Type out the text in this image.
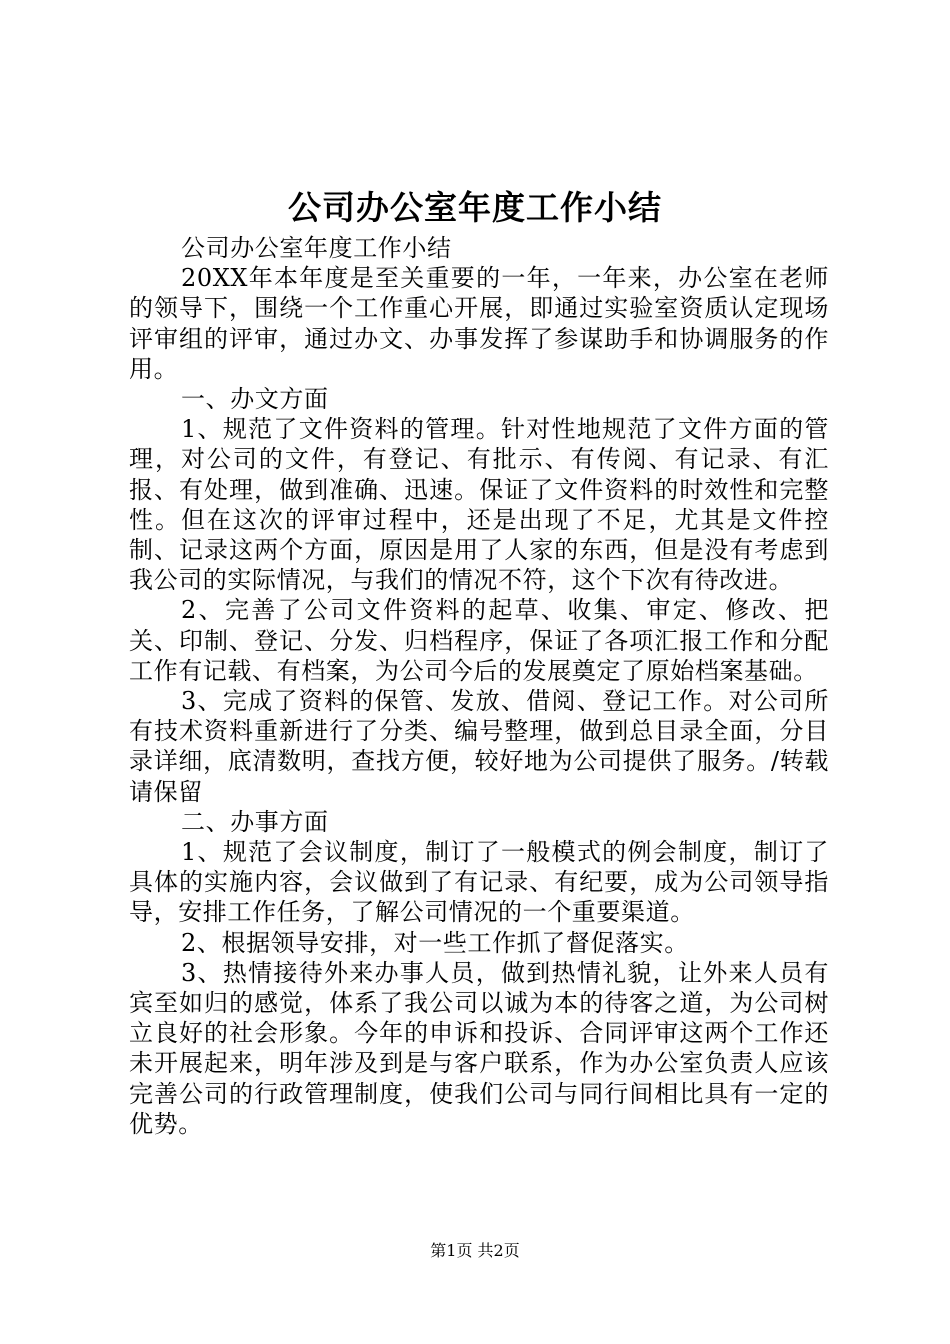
公司办公室年度工作小结

公司办公室年度工作小结

20XX年本年度是至关重要的一年，一年来，办公室在老师的领导下，围绕一个工作重心开展，即通过实验室资质认定现场评审组的评审，通过办文、办事发挥了参谋助手和协调服务的作用。

一、办文方面

1、规范了文件资料的管理。针对性地规范了文件方面的管理，对公司的文件，有登记、有批示、有传阅、有记录、有汇报、有处理，做到准确、迅速。保证了文件资料的时效性和完整性。但在这次的评审过程中，还是出现了不足，尤其是文件控制、记录这两个方面，原因是用了人家的东西，但是没有考虑到我公司的实际情况，与我们的情况不符，这个下次有待改进。

2、完善了公司文件资料的起草、收集、审定、修改、把关、印制、登记、分发、归档程序，保证了各项汇报工作和分配工作有记载、有档案，为公司今后的发展奠定了原始档案基础。

3、完成了资料的保管、发放、借阅、登记工作。对公司所有技术资料重新进行了分类、编号整理，做到总目录全面，分目录详细，底清数明，查找方便，较好地为公司提供了服务。/转载请保留

二、办事方面

1、规范了会议制度，制订了一般模式的例会制度，制订了具体的实施内容，会议做到了有记录、有纪要，成为公司领导指导，安排工作任务，了解公司情况的一个重要渠道。

2、根据领导安排，对一些工作抓了督促落实。

3、热情接待外来办事人员，做到热情礼貌，让外来人员有宾至如归的感觉，体系了我公司以诚为本的待客之道，为公司树立良好的社会形象。今年的申诉和投诉、合同评审这两个工作还未开展起来，明年涉及到是与客户联系，作为办公室负责人应该完善公司的行政管理制度，使我们公司与同行间相比具有一定的优势。

第1页 共2页
